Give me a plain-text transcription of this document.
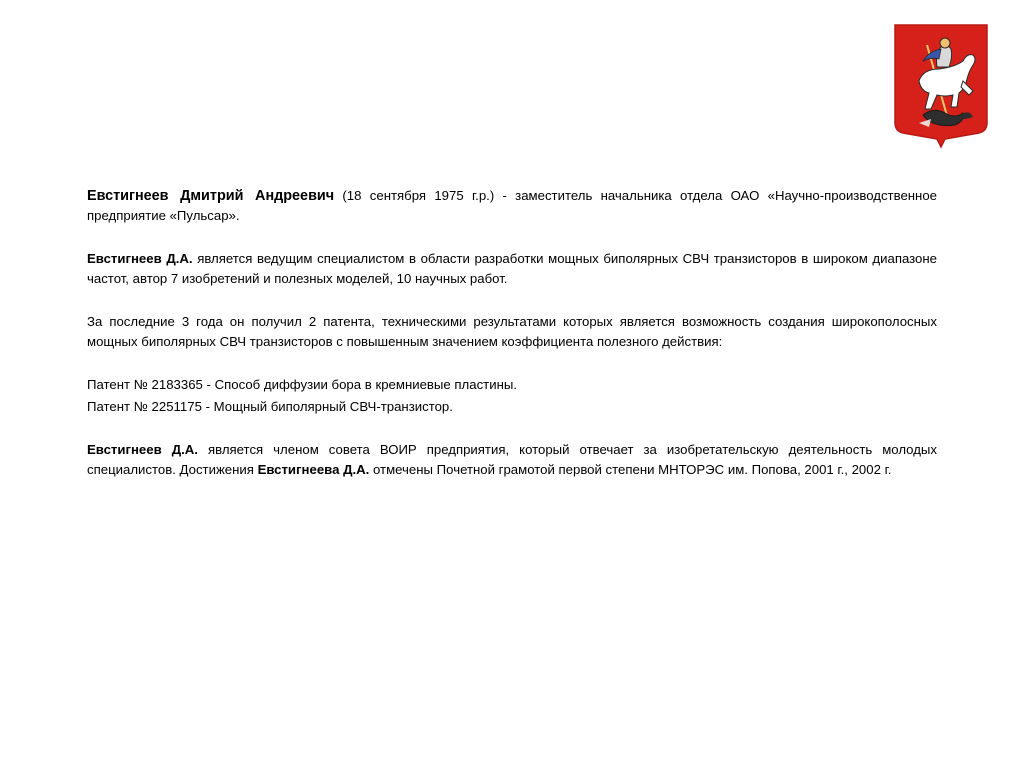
Евстигнеев Дмитрий Андреевич (18 сентября 1975 г.р.) - заместитель начальника отдела ОАО «Научно-производственное предприятие «Пульсар».

Евстигнеев Д.А. является ведущим специалистом в области разработки мощных биполярных СВЧ транзисторов в широком диапазоне частот, автор 7 изобретений и полезных моделей, 10 научных работ.

За последние 3 года он получил 2 патента, техническими результатами которых является возможность создания широкополосных мощных биполярных СВЧ транзисторов с повышенным значением коэффициента полезного действия:

Патент № 2183365 - Способ диффузии бора в кремниевые пластины.

Патент № 2251175 - Мощный биполярный СВЧ-транзистор.

Евстигнеев Д.А. является членом совета ВОИР предприятия, который отвечает за изобретательскую деятельность молодых специалистов. Достижения Евстигнеева Д.А. отмечены Почетной грамотой первой степени МНТОРЭС им. Попова, 2001 г., 2002 г.
